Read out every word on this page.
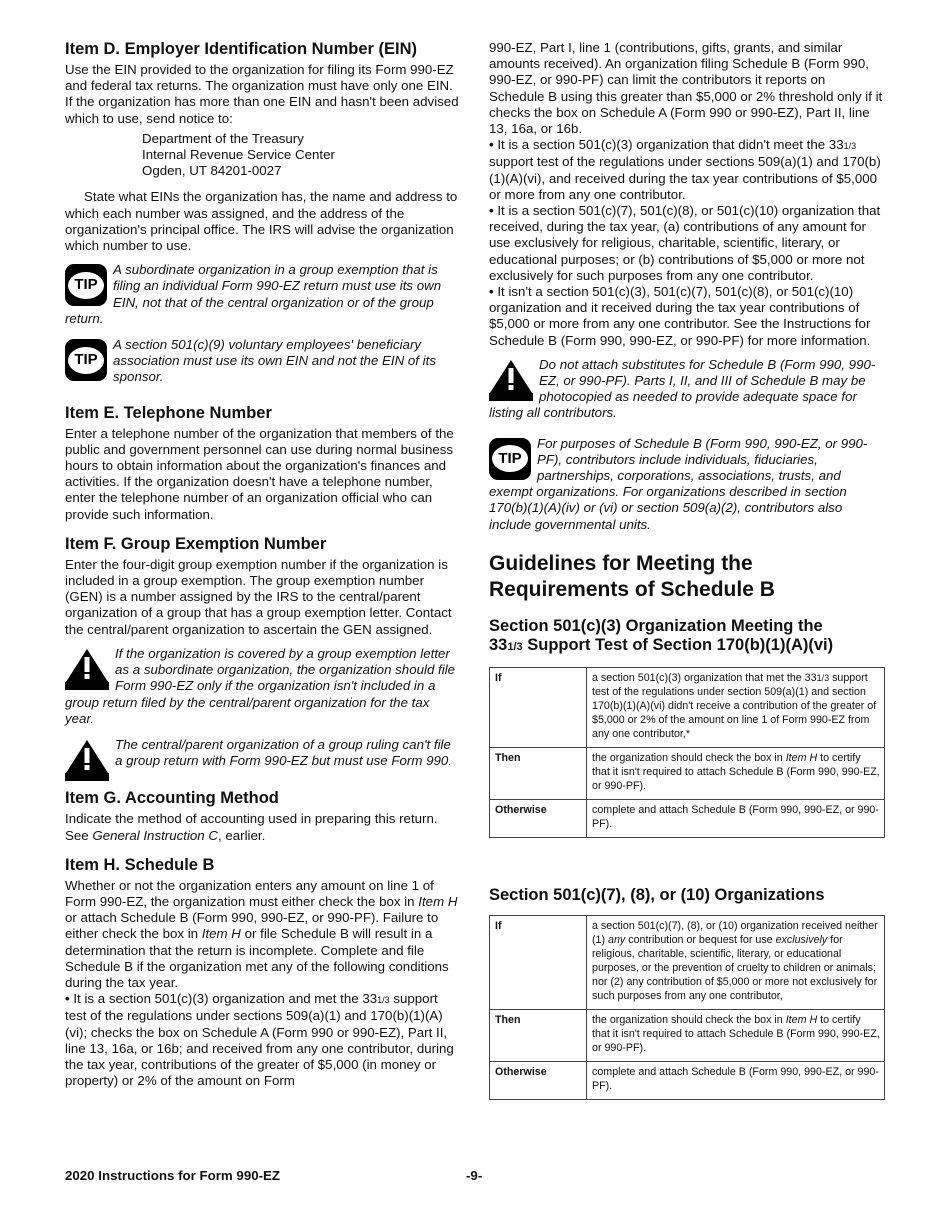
Item D. Employer Identification Number (EIN)

Use the EIN provided to the organization for filing its Form 990-EZ and federal tax returns. The organization must have only one EIN. If the organization has more than one EIN and hasn't been advised which to use, send notice to:

Department of the Treasury
Internal Revenue Service Center
Ogden, UT 84201-0027

State what EINs the organization has, the name and address to which each number was assigned, and the address of the organization's principal office. The IRS will advise the organization which number to use.

TIP
A subordinate organization in a group exemption that is filing an individual Form 990-EZ return must use its own EIN, not that of the central organization or of the group return.
TIP
A section 501(c)(9) voluntary employees' beneficiary association must use its own EIN and not the EIN of its sponsor.
Item E. Telephone Number

Enter a telephone number of the organization that members of the public and government personnel can use during normal business hours to obtain information about the organization's finances and activities. If the organization doesn't have a telephone number, enter the telephone number of an organization official who can provide such information.

Item F. Group Exemption Number

Enter the four-digit group exemption number if the organization is included in a group exemption. The group exemption number (GEN) is a number assigned by the IRS to the central/parent organization of a group that has a group exemption letter. Contact the central/parent organization to ascertain the GEN assigned.

If the organization is covered by a group exemption letter as a subordinate organization, the organization should file Form 990-EZ only if the organization isn't included in a group return filed by the central/parent organization for the tax year.
The central/parent organization of a group ruling can't file a group return with Form 990-EZ but must use Form 990.
Item G. Accounting Method

Indicate the method of accounting used in preparing this return. See General Instruction C, earlier.

Item H. Schedule B

Whether or not the organization enters any amount on line 1 of Form 990-EZ, the organization must either check the box in Item H or attach Schedule B (Form 990, 990-EZ, or 990-PF). Failure to either check the box in Item H or file Schedule B will result in a determination that the return is incomplete. Complete and file Schedule B if the organization met any of the following conditions during the tax year.

• It is a section 501(c)(3) organization and met the 331/3 support test of the regulations under sections 509(a)(1) and 170(b)(1)(A)(vi); checks the box on Schedule A (Form 990 or 990-EZ), Part II, line 13, 16a, or 16b; and received from any one contributor, during the tax year, contributions of the greater of $5,000 (in money or property) or 2% of the amount on Form

990-EZ, Part I, line 1 (contributions, gifts, grants, and similar amounts received). An organization filing Schedule B (Form 990, 990-EZ, or 990-PF) can limit the contributors it reports on Schedule B using this greater than $5,000 or 2% threshold only if it checks the box on Schedule A (Form 990 or 990-EZ), Part II, line 13, 16a, or 16b.

• It is a section 501(c)(3) organization that didn't meet the 331/3 support test of the regulations under sections 509(a)(1) and 170(b)(1)(A)(vi), and received during the tax year contributions of $5,000 or more from any one contributor.

• It is a section 501(c)(7), 501(c)(8), or 501(c)(10) organization that received, during the tax year, (a) contributions of any amount for use exclusively for religious, charitable, scientific, literary, or educational purposes; or (b) contributions of $5,000 or more not exclusively for such purposes from any one contributor.

• It isn't a section 501(c)(3), 501(c)(7), 501(c)(8), or 501(c)(10) organization and it received during the tax year contributions of $5,000 or more from any one contributor. See the Instructions for Schedule B (Form 990, 990-EZ, or 990-PF) for more information.

Do not attach substitutes for Schedule B (Form 990, 990-EZ, or 990-PF). Parts I, II, and III of Schedule B may be photocopied as needed to provide adequate space for listing all contributors.
TIP
For purposes of Schedule B (Form 990, 990-EZ, or 990-PF), contributors include individuals, fiduciaries, partnerships, corporations, associations, trusts, and exempt organizations. For organizations described in section 170(b)(1)(A)(iv) or (vi) or section 509(a)(2), contributors also include governmental units.
Guidelines for Meeting the
Requirements of Schedule B
Section 501(c)(3) Organization Meeting the
331/3 Support Test of Section 170(b)(1)(A)(vi)
If	a section 501(c)(3) organization that met the 331/3 support test of the regulations under section 509(a)(1) and section 170(b)(1)(A)(vi) didn't receive a contribution of the greater of $5,000 or 2% of the amount on line 1 of Form 990-EZ from any one contributor,*
Then	the organization should check the box in Item H to certify that it isn't required to attach Schedule B (Form 990, 990-EZ, or 990-PF).
Otherwise	complete and attach Schedule B (Form 990, 990-EZ, or 990-PF).
Section 501(c)(7), (8), or (10) Organizations
If	a section 501(c)(7), (8), or (10) organization received neither (1) any contribution or bequest for use exclusively for religious, charitable, scientific, literary, or educational purposes, or the prevention of cruelty to children or animals; nor (2) any contribution of $5,000 or more not exclusively for such purposes from any one contributor,
Then	the organization should check the box in Item H to certify that it isn't required to attach Schedule B (Form 990, 990-EZ, or 990-PF).
Otherwise	complete and attach Schedule B (Form 990, 990-EZ, or 990-PF).
2020 Instructions for Form 990-EZ	-9-
